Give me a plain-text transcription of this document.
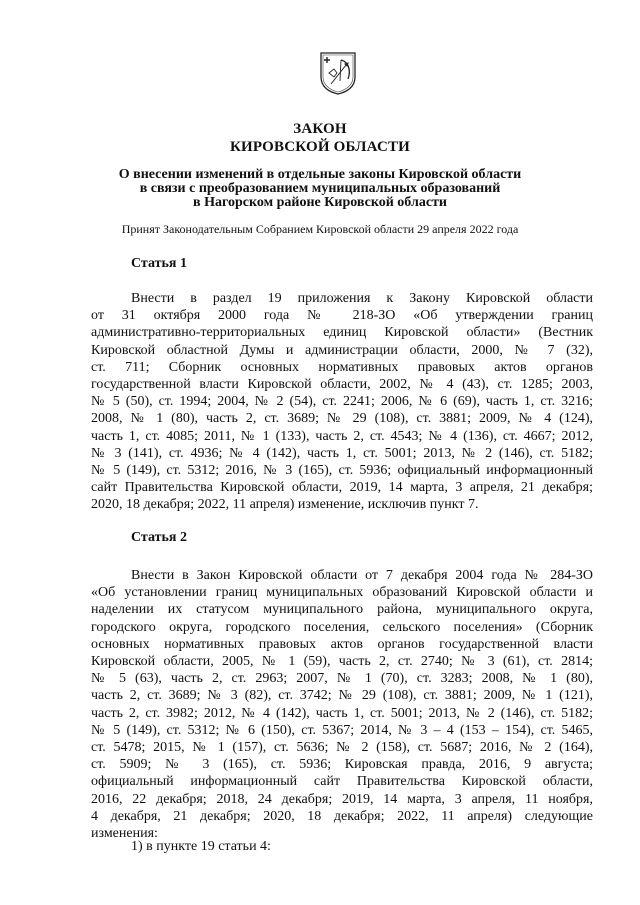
ЗАКОН
КИРОВСКОЙ ОБЛАСТИ
О внесении изменений в отдельные законы Кировской области
в связи с преобразованием муниципальных образований
в Нагорском районе Кировской области
Принят Законодательным Собранием Кировской области 29 апреля 2022 года
Статья 1

Внести в раздел 19 приложения к Закону Кировской области
от 31 октября 2000 года № 218-ЗО «Об утверждении границ
административно-территориальных единиц Кировской области» (Вестник
Кировской областной Думы и администрации области, 2000, № 7 (32),
ст. 711; Сборник основных нормативных правовых актов органов
государственной власти Кировской области, 2002, № 4 (43), ст. 1285; 2003,
№ 5 (50), ст. 1994; 2004, № 2 (54), ст. 2241; 2006, № 6 (69), часть 1, ст. 3216;
2008, № 1 (80), часть 2, ст. 3689; № 29 (108), ст. 3881; 2009, № 4 (124),
часть 1, ст. 4085; 2011, № 1 (133), часть 2, ст. 4543; № 4 (136), ст. 4667; 2012,
№ 3 (141), ст. 4936; № 4 (142), часть 1, ст. 5001; 2013, № 2 (146), ст. 5182;
№ 5 (149), ст. 5312; 2016, № 3 (165), ст. 5936; официальный информационный
сайт Правительства Кировской области, 2019, 14 марта, 3 апреля, 21 декабря;
2020, 18 декабря; 2022, 11 апреля) изменение, исключив пункт 7.

Статья 2

Внести в Закон Кировской области от 7 декабря 2004 года № 284-ЗО
«Об установлении границ муниципальных образований Кировской области и
наделении их статусом муниципального района, муниципального округа,
городского округа, городского поселения, сельского поселения» (Сборник
основных нормативных правовых актов органов государственной власти
Кировской области, 2005, № 1 (59), часть 2, ст. 2740; № 3 (61), ст. 2814;
№ 5 (63), часть 2, ст. 2963; 2007, № 1 (70), ст. 3283; 2008, № 1 (80),
часть 2, ст. 3689; № 3 (82), ст. 3742; № 29 (108), ст. 3881; 2009, № 1 (121),
часть 2, ст. 3982; 2012, № 4 (142), часть 1, ст. 5001; 2013, № 2 (146), ст. 5182;
№ 5 (149), ст. 5312; № 6 (150), ст. 5367; 2014, № 3 – 4 (153 – 154), ст. 5465,
ст. 5478; 2015, № 1 (157), ст. 5636; № 2 (158), ст. 5687; 2016, № 2 (164),
ст. 5909; № 3 (165), ст. 5936; Кировская правда, 2016, 9 августа;
официальный информационный сайт Правительства Кировской области,
2016, 22 декабря; 2018, 24 декабря; 2019, 14 марта, 3 апреля, 11 ноября,
4 декабря, 21 декабря; 2020, 18 декабря; 2022, 11 апреля) следующие
изменения:

1) в пункте 19 статьи 4:
